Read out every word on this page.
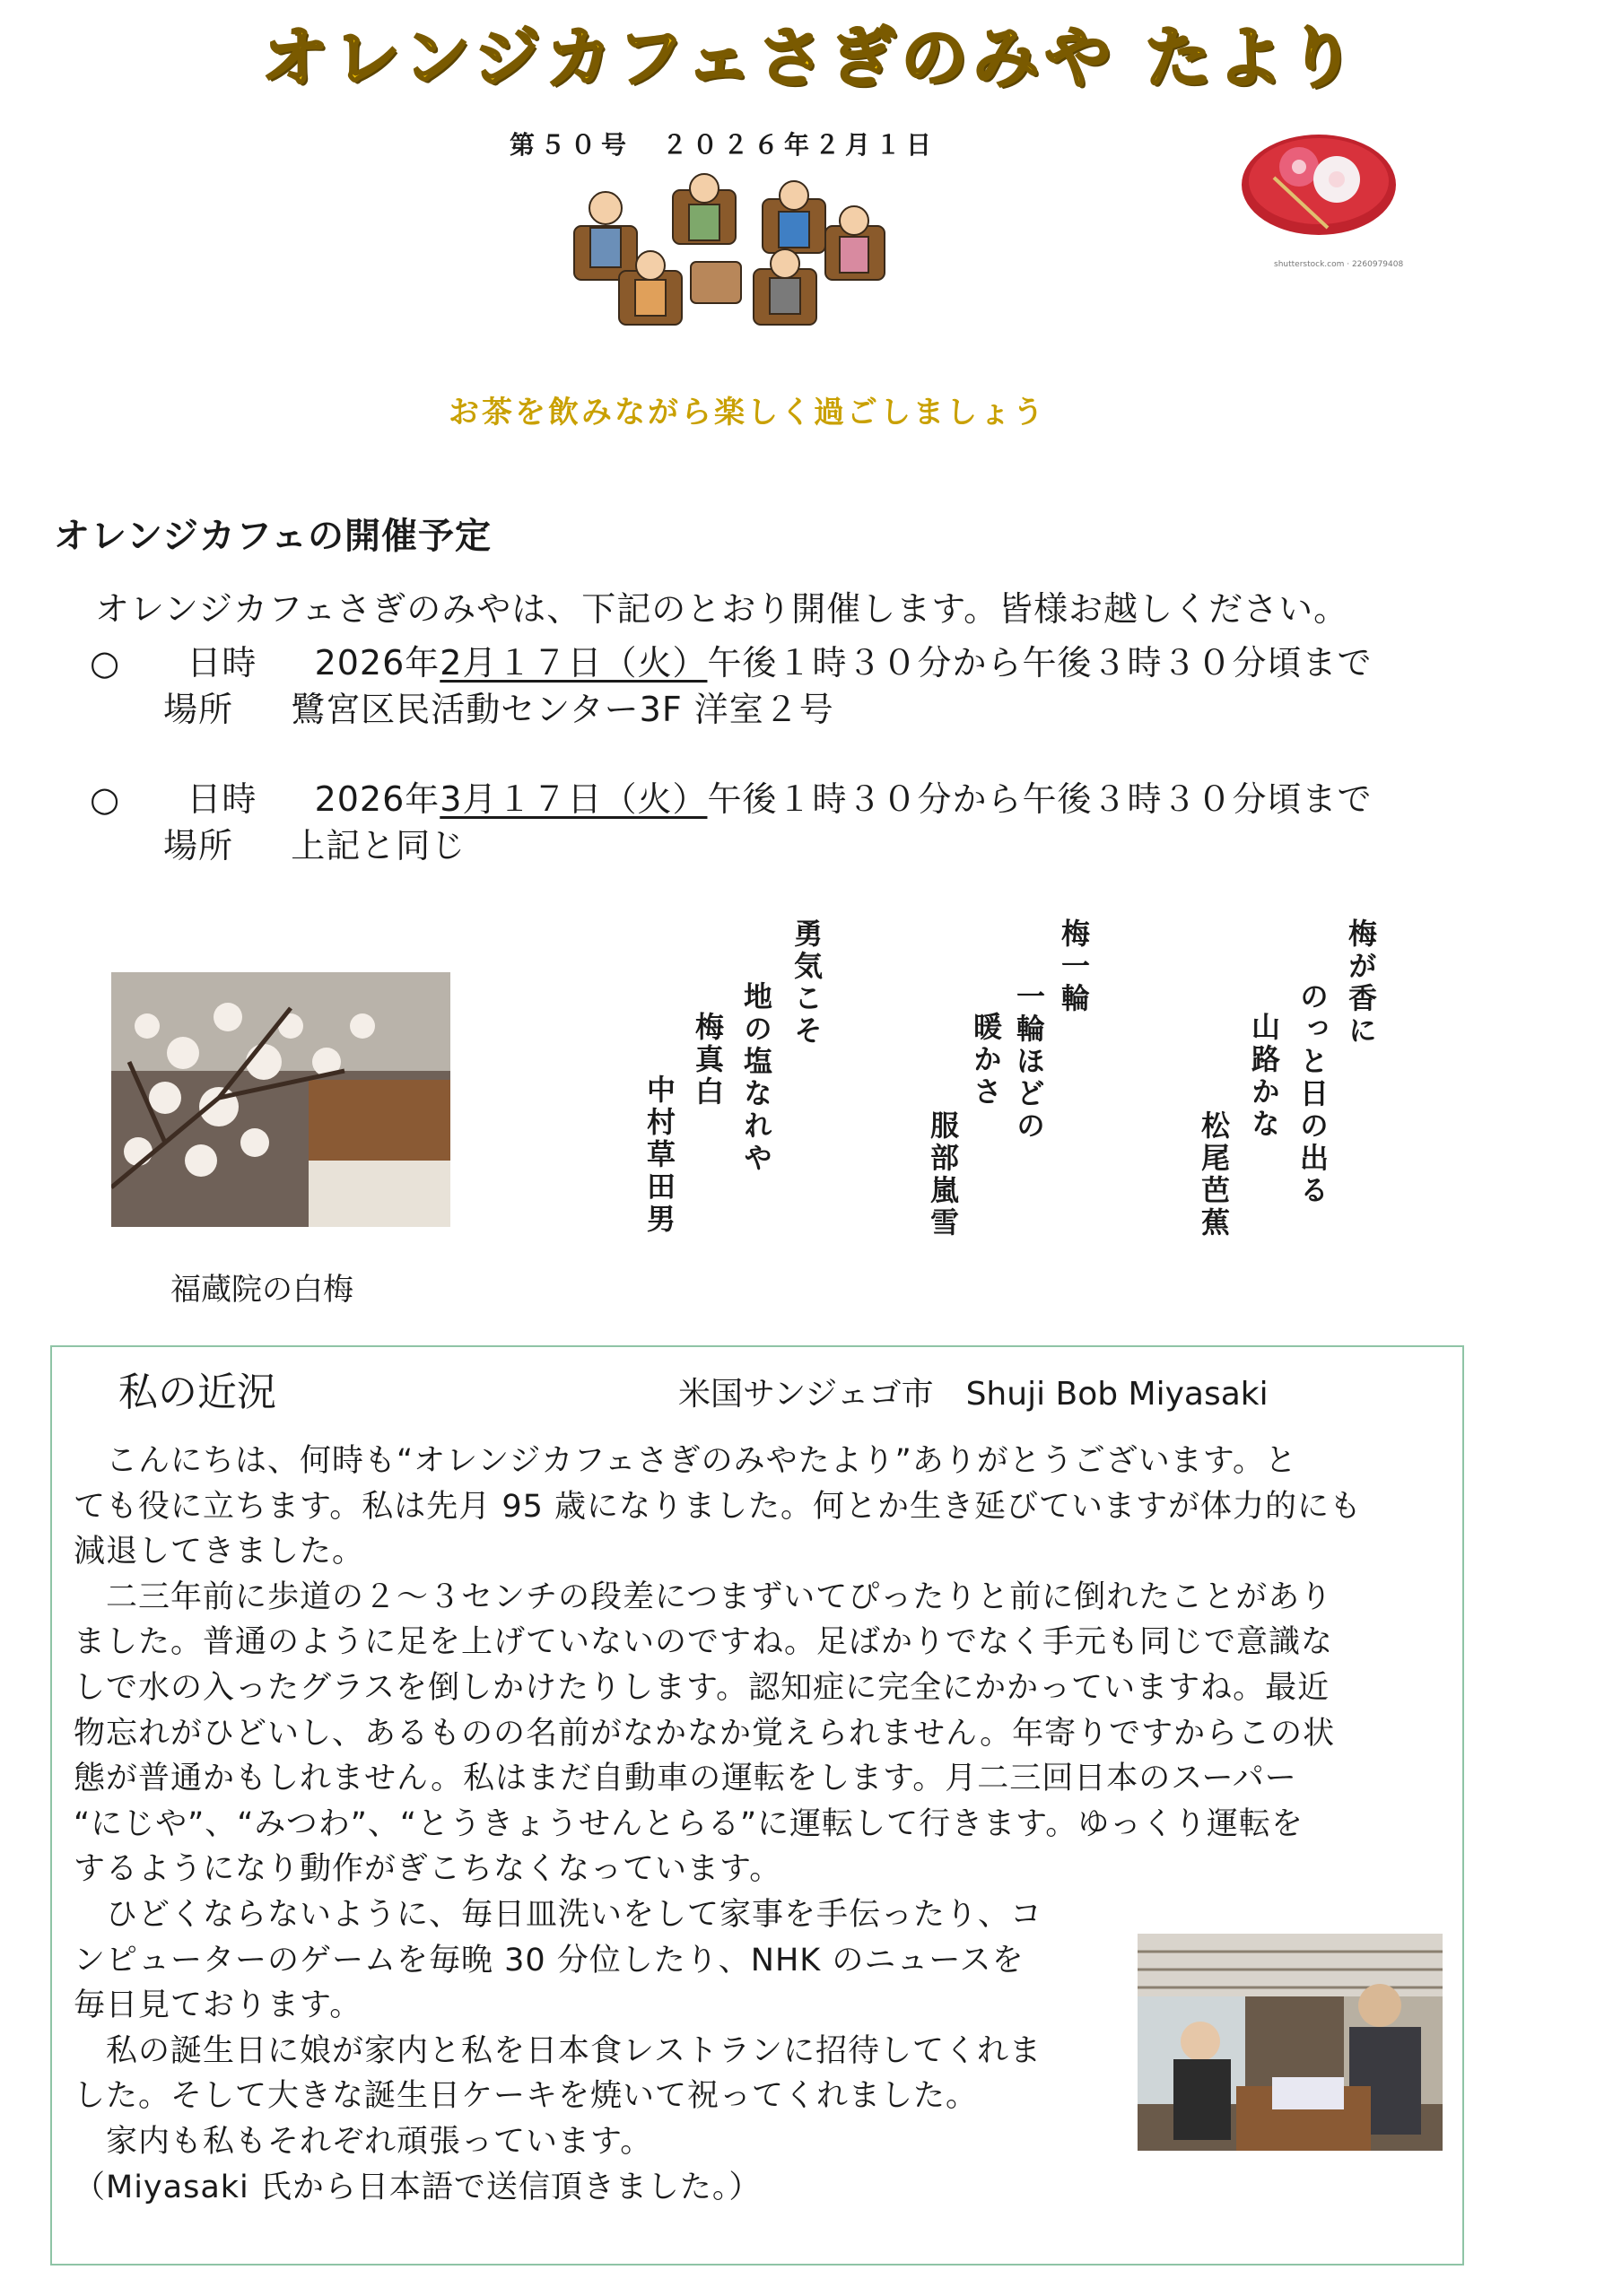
オレンジカフェさぎのみや たより
第５０号　２０２６年２月１日
shutterstock.com · 2260979408
お茶を飲みながら楽しく過ごしましょう
オレンジカフェの開催予定
オレンジカフェさぎのみやは、下記のとおり開催します。皆様お越しください。
○ 日時 2026年2月１７日（火）午後１時３０分から午後３時３０分頃まで
場所 鷺宮区民活動センター3F 洋室２号
○ 日時 2026年3月１７日（火）午後１時３０分から午後３時３０分頃まで
場所 上記と同じ
福蔵院の白梅
梅が香に
のっと日の出る
山路かな
松尾芭蕉
梅一輪
一輪ほどの
暖かさ
服部嵐雪
勇気こそ
地の塩なれや
梅真白
中村草田男
私の近況	米国サンジェゴ市　Shuji Bob Miyasaki
　こんにちは、何時も“オレンジカフェさぎのみやたより”ありがとうございます。と
ても役に立ちます。私は先月 95 歳になりました。何とか生き延びていますが体力的にも
減退してきました。
　二三年前に歩道の２～３センチの段差につまずいてぴったりと前に倒れたことがあり
ました。普通のように足を上げていないのですね。足ばかりでなく手元も同じで意識な
しで水の入ったグラスを倒しかけたりします。認知症に完全にかかっていますね。最近
物忘れがひどいし、あるものの名前がなかなか覚えられません。年寄りですからこの状
態が普通かもしれません。私はまだ自動車の運転をします。月二三回日本のスーパー
“にじや”、“みつわ”、“とうきょうせんとらる”に運転して行きます。ゆっくり運転を
するようになり動作がぎこちなくなっています。
　ひどくならないように、毎日皿洗いをして家事を手伝ったり、コ
ンピューターのゲームを毎晩 30 分位したり、NHK のニュースを
毎日見ております。
　私の誕生日に娘が家内と私を日本食レストランに招待してくれま
した。そして大きな誕生日ケーキを焼いて祝ってくれました。
　家内も私もそれぞれ頑張っています。
（Miyasaki 氏から日本語で送信頂きました。）
